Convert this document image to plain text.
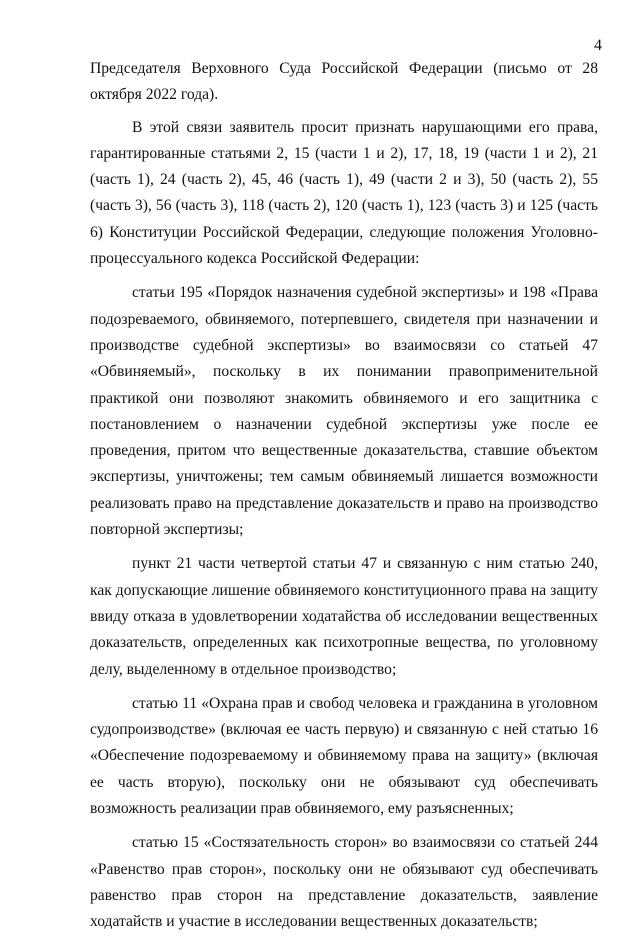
4

Председателя Верховного Суда Российской Федерации (письмо от 28 октября 2022 года).

В этой связи заявитель просит признать нарушающими его права, гарантированные статьями 2, 15 (части 1 и 2), 17, 18, 19 (части 1 и 2), 21 (часть 1), 24 (часть 2), 45, 46 (часть 1), 49 (части 2 и 3), 50 (часть 2), 55 (часть 3), 56 (часть 3), 118 (часть 2), 120 (часть 1), 123 (часть 3) и 125 (часть 6) Конституции Российской Федерации, следующие положения Уголовно-процессуального кодекса Российской Федерации:

статьи 195 «Порядок назначения судебной экспертизы» и 198 «Права подозреваемого, обвиняемого, потерпевшего, свидетеля при назначении и производстве судебной экспертизы» во взаимосвязи со статьей 47 «Обвиняемый», поскольку в их понимании правоприменительной практикой они позволяют знакомить обвиняемого и его защитника с постановлением о назначении судебной экспертизы уже после ее проведения, притом что вещественные доказательства, ставшие объектом экспертизы, уничтожены; тем самым обвиняемый лишается возможности реализовать право на представление доказательств и право на производство повторной экспертизы;

пункт 21 части четвертой статьи 47 и связанную с ним статью 240, как допускающие лишение обвиняемого конституционного права на защиту ввиду отказа в удовлетворении ходатайства об исследовании вещественных доказательств, определенных как психотропные вещества, по уголовному делу, выделенному в отдельное производство;

статью 11 «Охрана прав и свобод человека и гражданина в уголовном судопроизводстве» (включая ее часть первую) и связанную с ней статью 16 «Обеспечение подозреваемому и обвиняемому права на защиту» (включая ее часть вторую), поскольку они не обязывают суд обеспечивать возможность реализации прав обвиняемого, ему разъясненных;

статью 15 «Состязательность сторон» во взаимосвязи со статьей 244 «Равенство прав сторон», поскольку они не обязывают суд обеспечивать равенство прав сторон на представление доказательств, заявление ходатайств и участие в исследовании вещественных доказательств;
